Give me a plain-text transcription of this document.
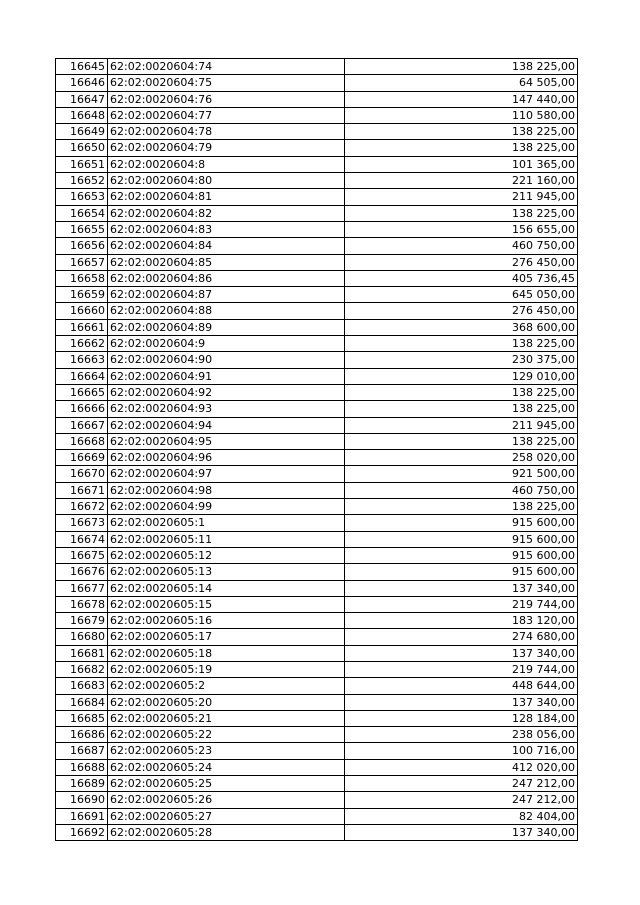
16645	62:02:0020604:74	138 225,00
16646	62:02:0020604:75	64 505,00
16647	62:02:0020604:76	147 440,00
16648	62:02:0020604:77	110 580,00
16649	62:02:0020604:78	138 225,00
16650	62:02:0020604:79	138 225,00
16651	62:02:0020604:8	101 365,00
16652	62:02:0020604:80	221 160,00
16653	62:02:0020604:81	211 945,00
16654	62:02:0020604:82	138 225,00
16655	62:02:0020604:83	156 655,00
16656	62:02:0020604:84	460 750,00
16657	62:02:0020604:85	276 450,00
16658	62:02:0020604:86	405 736,45
16659	62:02:0020604:87	645 050,00
16660	62:02:0020604:88	276 450,00
16661	62:02:0020604:89	368 600,00
16662	62:02:0020604:9	138 225,00
16663	62:02:0020604:90	230 375,00
16664	62:02:0020604:91	129 010,00
16665	62:02:0020604:92	138 225,00
16666	62:02:0020604:93	138 225,00
16667	62:02:0020604:94	211 945,00
16668	62:02:0020604:95	138 225,00
16669	62:02:0020604:96	258 020,00
16670	62:02:0020604:97	921 500,00
16671	62:02:0020604:98	460 750,00
16672	62:02:0020604:99	138 225,00
16673	62:02:0020605:1	915 600,00
16674	62:02:0020605:11	915 600,00
16675	62:02:0020605:12	915 600,00
16676	62:02:0020605:13	915 600,00
16677	62:02:0020605:14	137 340,00
16678	62:02:0020605:15	219 744,00
16679	62:02:0020605:16	183 120,00
16680	62:02:0020605:17	274 680,00
16681	62:02:0020605:18	137 340,00
16682	62:02:0020605:19	219 744,00
16683	62:02:0020605:2	448 644,00
16684	62:02:0020605:20	137 340,00
16685	62:02:0020605:21	128 184,00
16686	62:02:0020605:22	238 056,00
16687	62:02:0020605:23	100 716,00
16688	62:02:0020605:24	412 020,00
16689	62:02:0020605:25	247 212,00
16690	62:02:0020605:26	247 212,00
16691	62:02:0020605:27	82 404,00
16692	62:02:0020605:28	137 340,00
